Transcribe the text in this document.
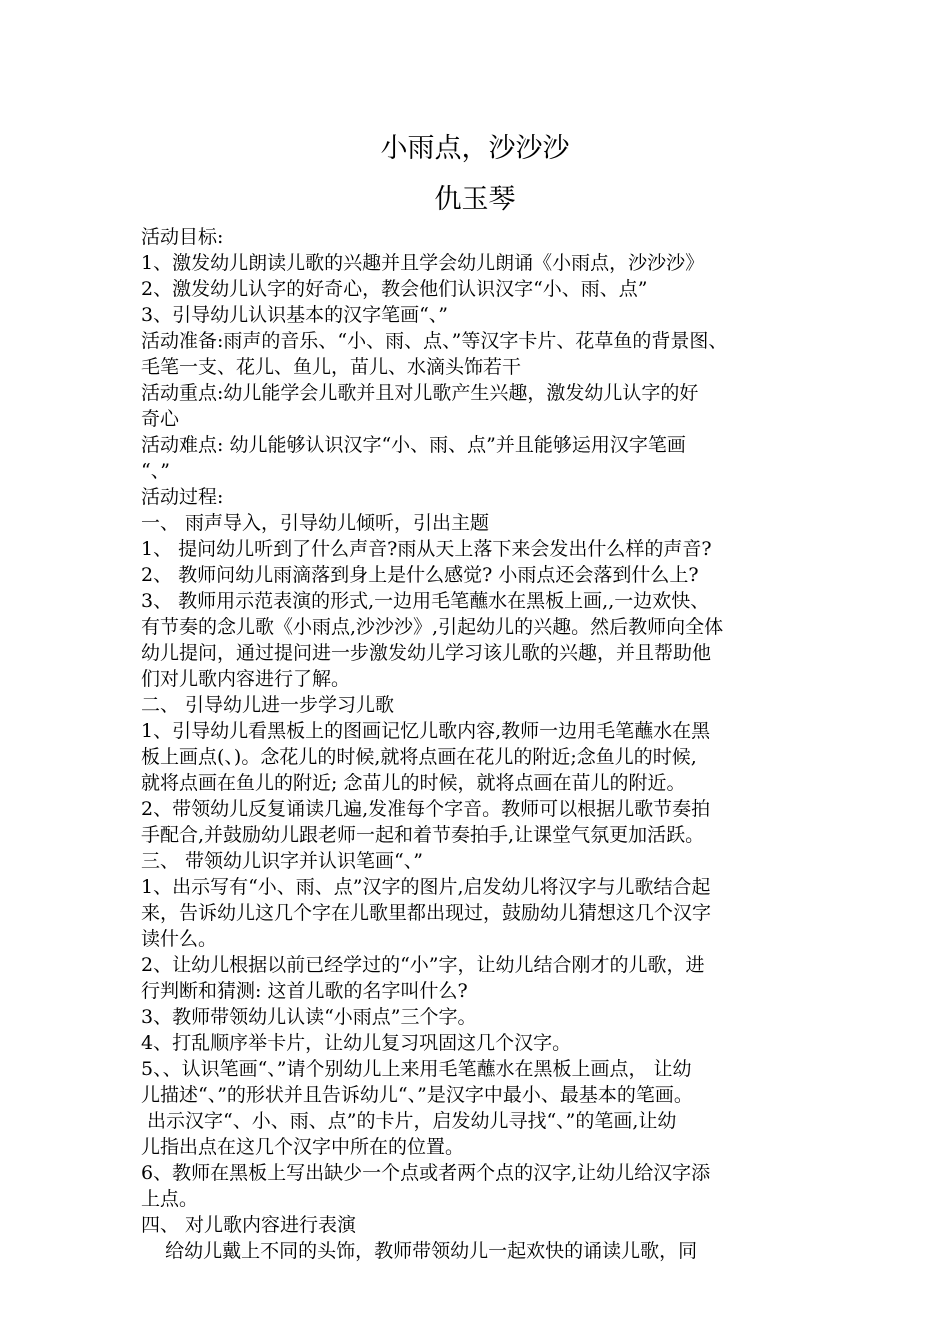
小雨点，沙沙沙
仇玉琴
活动目标:
1、激发幼儿朗读儿歌的兴趣并且学会幼儿朗诵《小雨点，沙沙沙》
2、激发幼儿认字的好奇心，教会他们认识汉字“小、雨、点”
3、引导幼儿认识基本的汉字笔画“、”
活动准备:雨声的音乐、“小、雨、点、”等汉字卡片、花草鱼的背景图、
毛笔一支、花儿、鱼儿，苗儿、水滴头饰若干
活动重点:幼儿能学会儿歌并且对儿歌产生兴趣，激发幼儿认字的好
奇心
活动难点: 幼儿能够认识汉字“小、雨、点”并且能够运用汉字笔画
“、”
活动过程:
一、 雨声导入，引导幼儿倾听，引出主题
1、 提问幼儿听到了什么声音?雨从天上落下来会发出什么样的声音?
2、 教师问幼儿雨滴落到身上是什么感觉? 小雨点还会落到什么上?
3、 教师用示范表演的形式,一边用毛笔蘸水在黑板上画,,一边欢快、
有节奏的念儿歌《小雨点,沙沙沙》,引起幼儿的兴趣。然后教师向全体
幼儿提问，通过提问进一步激发幼儿学习该儿歌的兴趣，并且帮助他
们对儿歌内容进行了解。
二、 引导幼儿进一步学习儿歌
1、引导幼儿看黑板上的图画记忆儿歌内容,教师一边用毛笔蘸水在黑
板上画点(、)。念花儿的时候,就将点画在花儿的附近;念鱼儿的时候,
就将点画在鱼儿的附近; 念苗儿的时候，就将点画在苗儿的附近。
2、带领幼儿反复诵读几遍,发准每个字音。教师可以根据儿歌节奏拍
手配合,并鼓励幼儿跟老师一起和着节奏拍手,让课堂气氛更加活跃。
三、 带领幼儿识字并认识笔画“、”
1、出示写有“小、雨、点”汉字的图片,启发幼儿将汉字与儿歌结合起
来，告诉幼儿这几个字在儿歌里都出现过，鼓励幼儿猜想这几个汉字
读什么。
2、让幼儿根据以前已经学过的“小”字，让幼儿结合刚才的儿歌，进
行判断和猜测: 这首儿歌的名字叫什么?
3、教师带领幼儿认读“小雨点”三个字。
4、打乱顺序举卡片，让幼儿复习巩固这几个汉字。
5、、认识笔画“、”请个别幼儿上来用毛笔蘸水在黑板上画点， 让幼
儿描述“、”的形状并且告诉幼儿“、”是汉字中最小、最基本的笔画。
出示汉字“、小、雨、点”的卡片，启发幼儿寻找“、”的笔画,让幼
儿指出点在这几个汉字中所在的位置。
6、教师在黑板上写出缺少一个点或者两个点的汉字,让幼儿给汉字添
上点。
四、 对儿歌内容进行表演
给幼儿戴上不同的头饰，教师带领幼儿一起欢快的诵读儿歌，同
